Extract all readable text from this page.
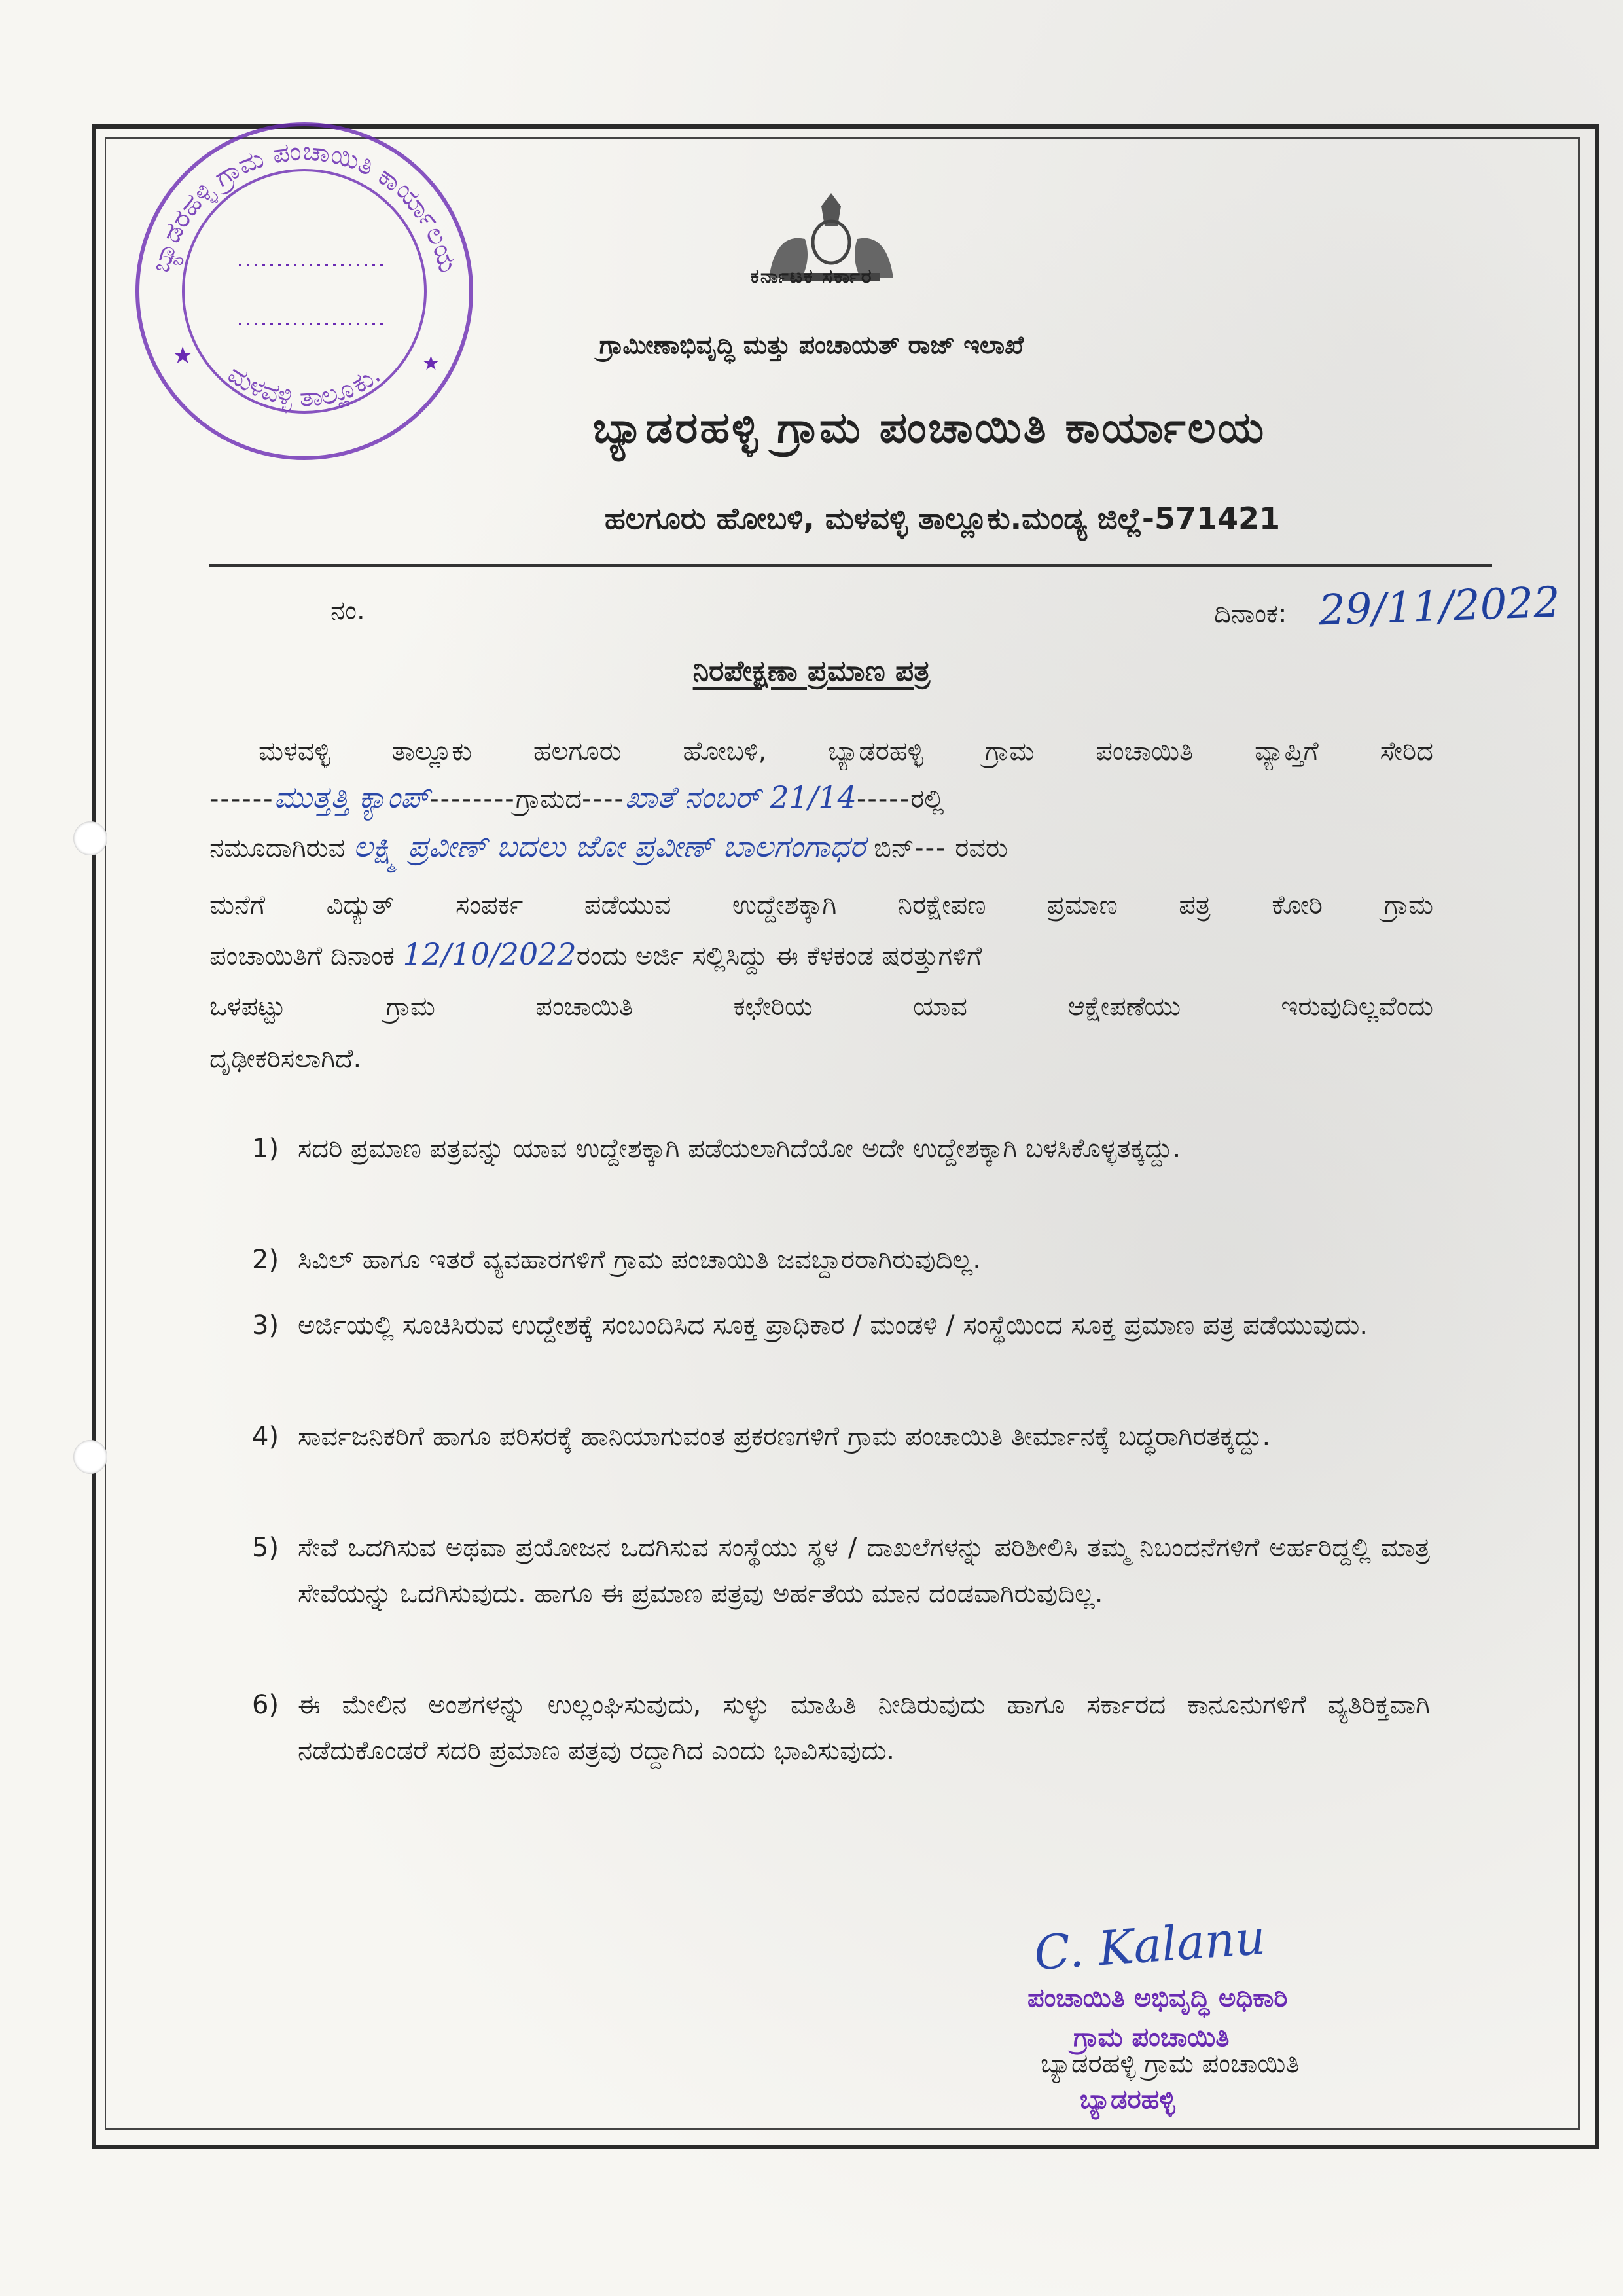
ಬ್ಯಾಡರಹಳ್ಳಿ ಗ್ರಾಮ ಪಂಚಾಯಿತಿ ಕಾರ್ಯಾಲಯ
ಮಳವಳ್ಳಿ ತಾಲ್ಲೂಕು.
★	★
ಕರ್ನಾಟಕ ಸರ್ಕಾರ
ಗ್ರಾಮೀಣಾಭಿವೃದ್ಧಿ ಮತ್ತು ಪಂಚಾಯತ್ ರಾಜ್ ಇಲಾಖೆ
ಬ್ಯಾಡರಹಳ್ಳಿ ಗ್ರಾಮ ಪಂಚಾಯಿತಿ ಕಾರ್ಯಾಲಯ
ಹಲಗೂರು ಹೋಬಳಿ, ಮಳವಳ್ಳಿ ತಾಲ್ಲೂಕು.ಮಂಡ್ಯ ಜಿಲ್ಲೆ-571421
ನಂ.	ದಿನಾಂಕ: 29/11/2022
ನಿರಪೇಕ್ಷಣಾ ಪ್ರಮಾಣ ಪತ್ರ
ಮಳವಳ್ಳಿ ತಾಲ್ಲೂಕು ಹಲಗೂರು ಹೋಬಳಿ, ಬ್ಯಾಡರಹಳ್ಳಿ ಗ್ರಾಮ ಪಂಚಾಯಿತಿ ವ್ಯಾಪ್ತಿಗೆ ಸೇರಿದ
------ಮುತ್ತತ್ತಿ ಕ್ಯಾಂಪ್--------ಗ್ರಾಮದ----ಖಾತೆ ನಂಬರ್ 21/14-----ರಲ್ಲಿ
ನಮೂದಾಗಿರುವ ಲಕ್ಷ್ಮಿ ಪ್ರವೀಣ್ ಬದಲು ಜೋ ಪ್ರವೀಣ್ ಬಾಲಗಂಗಾಧರ ಬಿನ್--- ರವರು
ಮನೆಗೆ ವಿದ್ಯುತ್ ಸಂಪರ್ಕ ಪಡೆಯುವ ಉದ್ದೇಶಕ್ಕಾಗಿ ನಿರಕ್ಷೇಪಣ ಪ್ರಮಾಣ ಪತ್ರ ಕೋರಿ ಗ್ರಾಮ
ಪಂಚಾಯಿತಿಗೆ ದಿನಾಂಕ 12/10/2022ರಂದು ಅರ್ಜಿ ಸಲ್ಲಿಸಿದ್ದು ಈ ಕೆಳಕಂಡ ಷರತ್ತುಗಳಿಗೆ
ಒಳಪಟ್ಟು ಗ್ರಾಮ ಪಂಚಾಯಿತಿ ಕಛೇರಿಯ ಯಾವ ಆಕ್ಷೇಪಣೆಯು ಇರುವುದಿಲ್ಲವೆಂದು
ದೃಢೀಕರಿಸಲಾಗಿದೆ.
1) ಸದರಿ ಪ್ರಮಾಣ ಪತ್ರವನ್ನು ಯಾವ ಉದ್ದೇಶಕ್ಕಾಗಿ ಪಡೆಯಲಾಗಿದೆಯೋ ಅದೇ ಉದ್ದೇಶಕ್ಕಾಗಿ ಬಳಸಿಕೊಳ್ಳತಕ್ಕದ್ದು.
2) ಸಿವಿಲ್ ಹಾಗೂ ಇತರೆ ವ್ಯವಹಾರಗಳಿಗೆ ಗ್ರಾಮ ಪಂಚಾಯಿತಿ ಜವಬ್ದಾರರಾಗಿರುವುದಿಲ್ಲ.
3) ಅರ್ಜಿಯಲ್ಲಿ ಸೂಚಿಸಿರುವ ಉದ್ದೇಶಕ್ಕೆ ಸಂಬಂದಿಸಿದ ಸೂಕ್ತ ಪ್ರಾಧಿಕಾರ / ಮಂಡಳಿ / ಸಂಸ್ಥೆಯಿಂದ ಸೂಕ್ತ ಪ್ರಮಾಣ ಪತ್ರ ಪಡೆಯುವುದು.
4) ಸಾರ್ವಜನಿಕರಿಗೆ ಹಾಗೂ ಪರಿಸರಕ್ಕೆ ಹಾನಿಯಾಗುವಂತ ಪ್ರಕರಣಗಳಿಗೆ ಗ್ರಾಮ ಪಂಚಾಯಿತಿ ತೀರ್ಮಾನಕ್ಕೆ ಬದ್ಧರಾಗಿರತಕ್ಕದ್ದು.
5) ಸೇವೆ ಒದಗಿಸುವ ಅಥವಾ ಪ್ರಯೋಜನ ಒದಗಿಸುವ ಸಂಸ್ಥೆಯು ಸ್ಥಳ / ದಾಖಲೆಗಳನ್ನು ಪರಿಶೀಲಿಸಿ ತಮ್ಮ ನಿಬಂದನೆಗಳಿಗೆ ಅರ್ಹರಿದ್ದಲ್ಲಿ ಮಾತ್ರ ಸೇವೆಯನ್ನು ಒದಗಿಸುವುದು. ಹಾಗೂ ಈ ಪ್ರಮಾಣ ಪತ್ರವು ಅರ್ಹತೆಯ ಮಾನ ದಂಡವಾಗಿರುವುದಿಲ್ಲ.
6) ಈ ಮೇಲಿನ ಅಂಶಗಳನ್ನು ಉಲ್ಲಂಘಿಸುವುದು, ಸುಳ್ಳು ಮಾಹಿತಿ ನೀಡಿರುವುದು ಹಾಗೂ ಸರ್ಕಾರದ ಕಾನೂನುಗಳಿಗೆ ವ್ಯತಿರಿಕ್ತವಾಗಿ ನಡೆದುಕೊಂಡರೆ ಸದರಿ ಪ್ರಮಾಣ ಪತ್ರವು ರದ್ದಾಗಿದ ಎಂದು ಭಾವಿಸುವುದು.
C. Kalanu
ಪಂಚಾಯಿತಿ ಅಭಿವೃದ್ಧಿ ಅಧಿಕಾರಿ
ಗ್ರಾಮ ಪಂಚಾಯಿತಿ
ಬ್ಯಾಡರಹಳ್ಳಿ ಗ್ರಾಮ ಪಂಚಾಯಿತಿ
ಬ್ಯಾಡರಹಳ್ಳಿ
